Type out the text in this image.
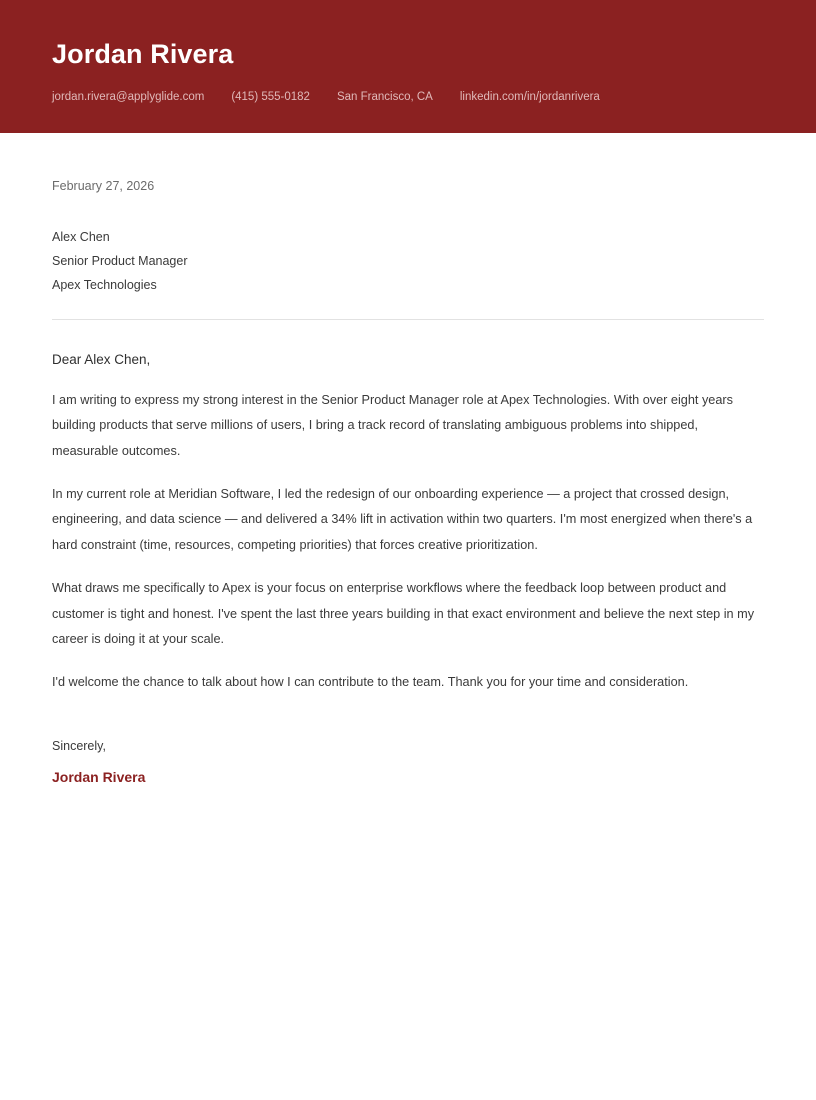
Jordan Rivera
jordan.rivera@applyglide.com (415) 555-0182 San Francisco, CA linkedin.com/in/jordanrivera
February 27, 2026
Alex Chen
Senior Product Manager
Apex Technologies
Dear Alex Chen,

I am writing to express my strong interest in the Senior Product Manager role at Apex Technologies. With over eight years building products that serve millions of users, I bring a track record of translating ambiguous problems into shipped, measurable outcomes.

In my current role at Meridian Software, I led the redesign of our onboarding experience — a project that crossed design, engineering, and data science — and delivered a 34% lift in activation within two quarters. I'm most energized when there's a hard constraint (time, resources, competing priorities) that forces creative prioritization.

What draws me specifically to Apex is your focus on enterprise workflows where the feedback loop between product and customer is tight and honest. I've spent the last three years building in that exact environment and believe the next step in my career is doing it at your scale.

I'd welcome the chance to talk about how I can contribute to the team. Thank you for your time and consideration.

Sincerely,
Jordan Rivera
